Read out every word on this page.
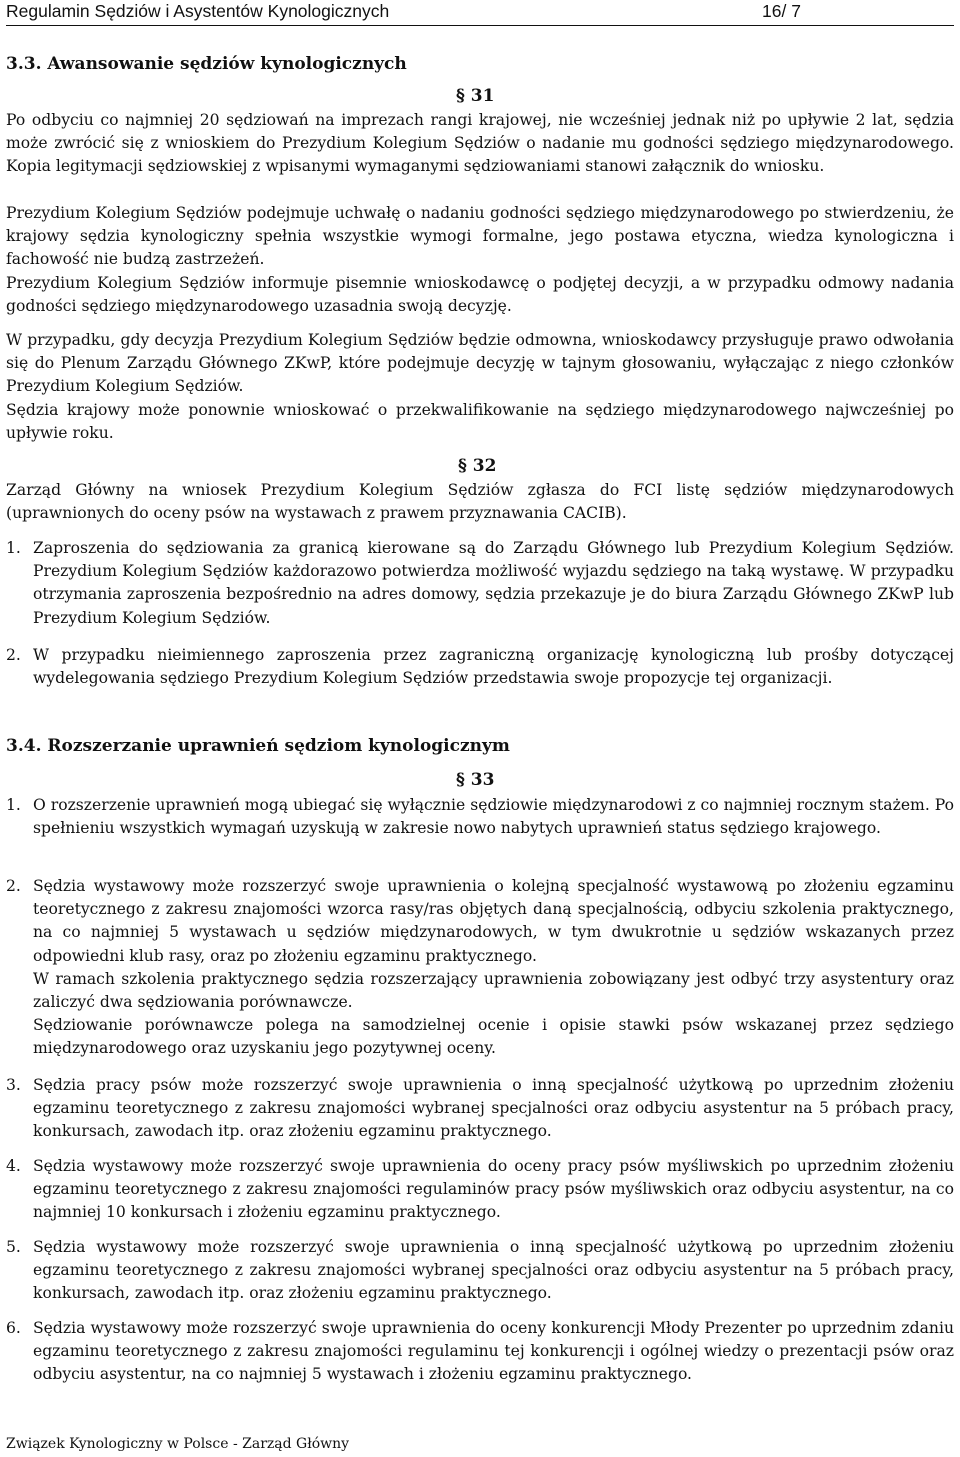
Regulamin Sędziów i Asystentów Kynologicznych	16/ 7
3.3. Awansowanie sędziów kynologicznych
§ 31

Po odbyciu co najmniej 20 sędziowań na imprezach rangi krajowej, nie wcześniej jednak niż po upływie 2 lat, sędzia może zwrócić się z wnioskiem do Prezydium Kolegium Sędziów o nadanie mu godności sędziego międzynarodowego. Kopia legitymacji sędziowskiej z wpisanymi wymaganymi sędziowaniami stanowi załącznik do wniosku.

Prezydium Kolegium Sędziów podejmuje uchwałę o nadaniu godności sędziego międzynarodowego po stwierdzeniu, że krajowy sędzia kynologiczny spełnia wszystkie wymogi formalne, jego postawa etyczna, wiedza kynologiczna i fachowość nie budzą zastrzeżeń.

Prezydium Kolegium Sędziów informuje pisemnie wnioskodawcę o podjętej decyzji, a w przypadku odmowy nadania godności sędziego międzynarodowego uzasadnia swoją decyzję.

W przypadku, gdy decyzja Prezydium Kolegium Sędziów będzie odmowna, wnioskodawcy przysługuje prawo odwołania się do Plenum Zarządu Głównego ZKwP, które podejmuje decyzję w tajnym głosowaniu, wyłączając z niego członków Prezydium Kolegium Sędziów.

Sędzia krajowy może ponownie wnioskować o przekwalifikowanie na sędziego międzynarodowego najwcześniej po upływie roku.

§ 32

Zarząd Główny na wniosek Prezydium Kolegium Sędziów zgłasza do FCI listę sędziów międzynarodowych (uprawnionych do oceny psów na wystawach z prawem przyznawania CACIB).

1. Zaproszenia do sędziowania za granicą kierowane są do Zarządu Głównego lub Prezydium Kolegium Sędziów. Prezydium Kolegium Sędziów każdorazowo potwierdza możliwość wyjazdu sędziego na taką wystawę. W przypadku otrzymania zaproszenia bezpośrednio na adres domowy, sędzia przekazuje je do biura Zarządu Głównego ZKwP lub Prezydium Kolegium Sędziów.
2. W przypadku nieimiennego zaproszenia przez zagraniczną organizację kynologiczną lub prośby dotyczącej wydelegowania sędziego Prezydium Kolegium Sędziów przedstawia swoje propozycje tej organizacji.
3.4. Rozszerzanie uprawnień sędziom kynologicznym
§ 33
1. O rozszerzenie uprawnień mogą ubiegać się wyłącznie sędziowie międzynarodowi z co najmniej rocznym stażem. Po spełnieniu wszystkich wymagań uzyskują w zakresie nowo nabytych uprawnień status sędziego krajowego.
2. Sędzia wystawowy może rozszerzyć swoje uprawnienia o kolejną specjalność wystawową po złożeniu egzaminu teoretycznego z zakresu znajomości wzorca rasy/ras objętych daną specjalnością, odbyciu szkolenia praktycznego, na co najmniej 5 wystawach u sędziów międzynarodowych, w tym dwukrotnie u sędziów wskazanych przez odpowiedni klub rasy, oraz po złożeniu egzaminu praktycznego.
W ramach szkolenia praktycznego sędzia rozszerzający uprawnienia zobowiązany jest odbyć trzy asystentury oraz zaliczyć dwa sędziowania porównawcze.
Sędziowanie porównawcze polega na samodzielnej ocenie i opisie stawki psów wskazanej przez sędziego międzynarodowego oraz uzyskaniu jego pozytywnej oceny.
3. Sędzia pracy psów może rozszerzyć swoje uprawnienia o inną specjalność użytkową po uprzednim złożeniu egzaminu teoretycznego z zakresu znajomości wybranej specjalności oraz odbyciu asystentur na 5 próbach pracy, konkursach, zawodach itp. oraz złożeniu egzaminu praktycznego.
4. Sędzia wystawowy może rozszerzyć swoje uprawnienia do oceny pracy psów myśliwskich po uprzednim złożeniu egzaminu teoretycznego z zakresu znajomości regulaminów pracy psów myśliwskich oraz odbyciu asystentur, na co najmniej 10 konkursach i złożeniu egzaminu praktycznego.
5. Sędzia wystawowy może rozszerzyć swoje uprawnienia o inną specjalność użytkową po uprzednim złożeniu egzaminu teoretycznego z zakresu znajomości wybranej specjalności oraz odbyciu asystentur na 5 próbach pracy, konkursach, zawodach itp. oraz złożeniu egzaminu praktycznego.
6. Sędzia wystawowy może rozszerzyć swoje uprawnienia do oceny konkurencji Młody Prezenter po uprzednim zdaniu egzaminu teoretycznego z zakresu znajomości regulaminu tej konkurencji i ogólnej wiedzy o prezentacji psów oraz odbyciu asystentur, na co najmniej 5 wystawach i złożeniu egzaminu praktycznego.
Związek Kynologiczny w Polsce - Zarząd Główny
